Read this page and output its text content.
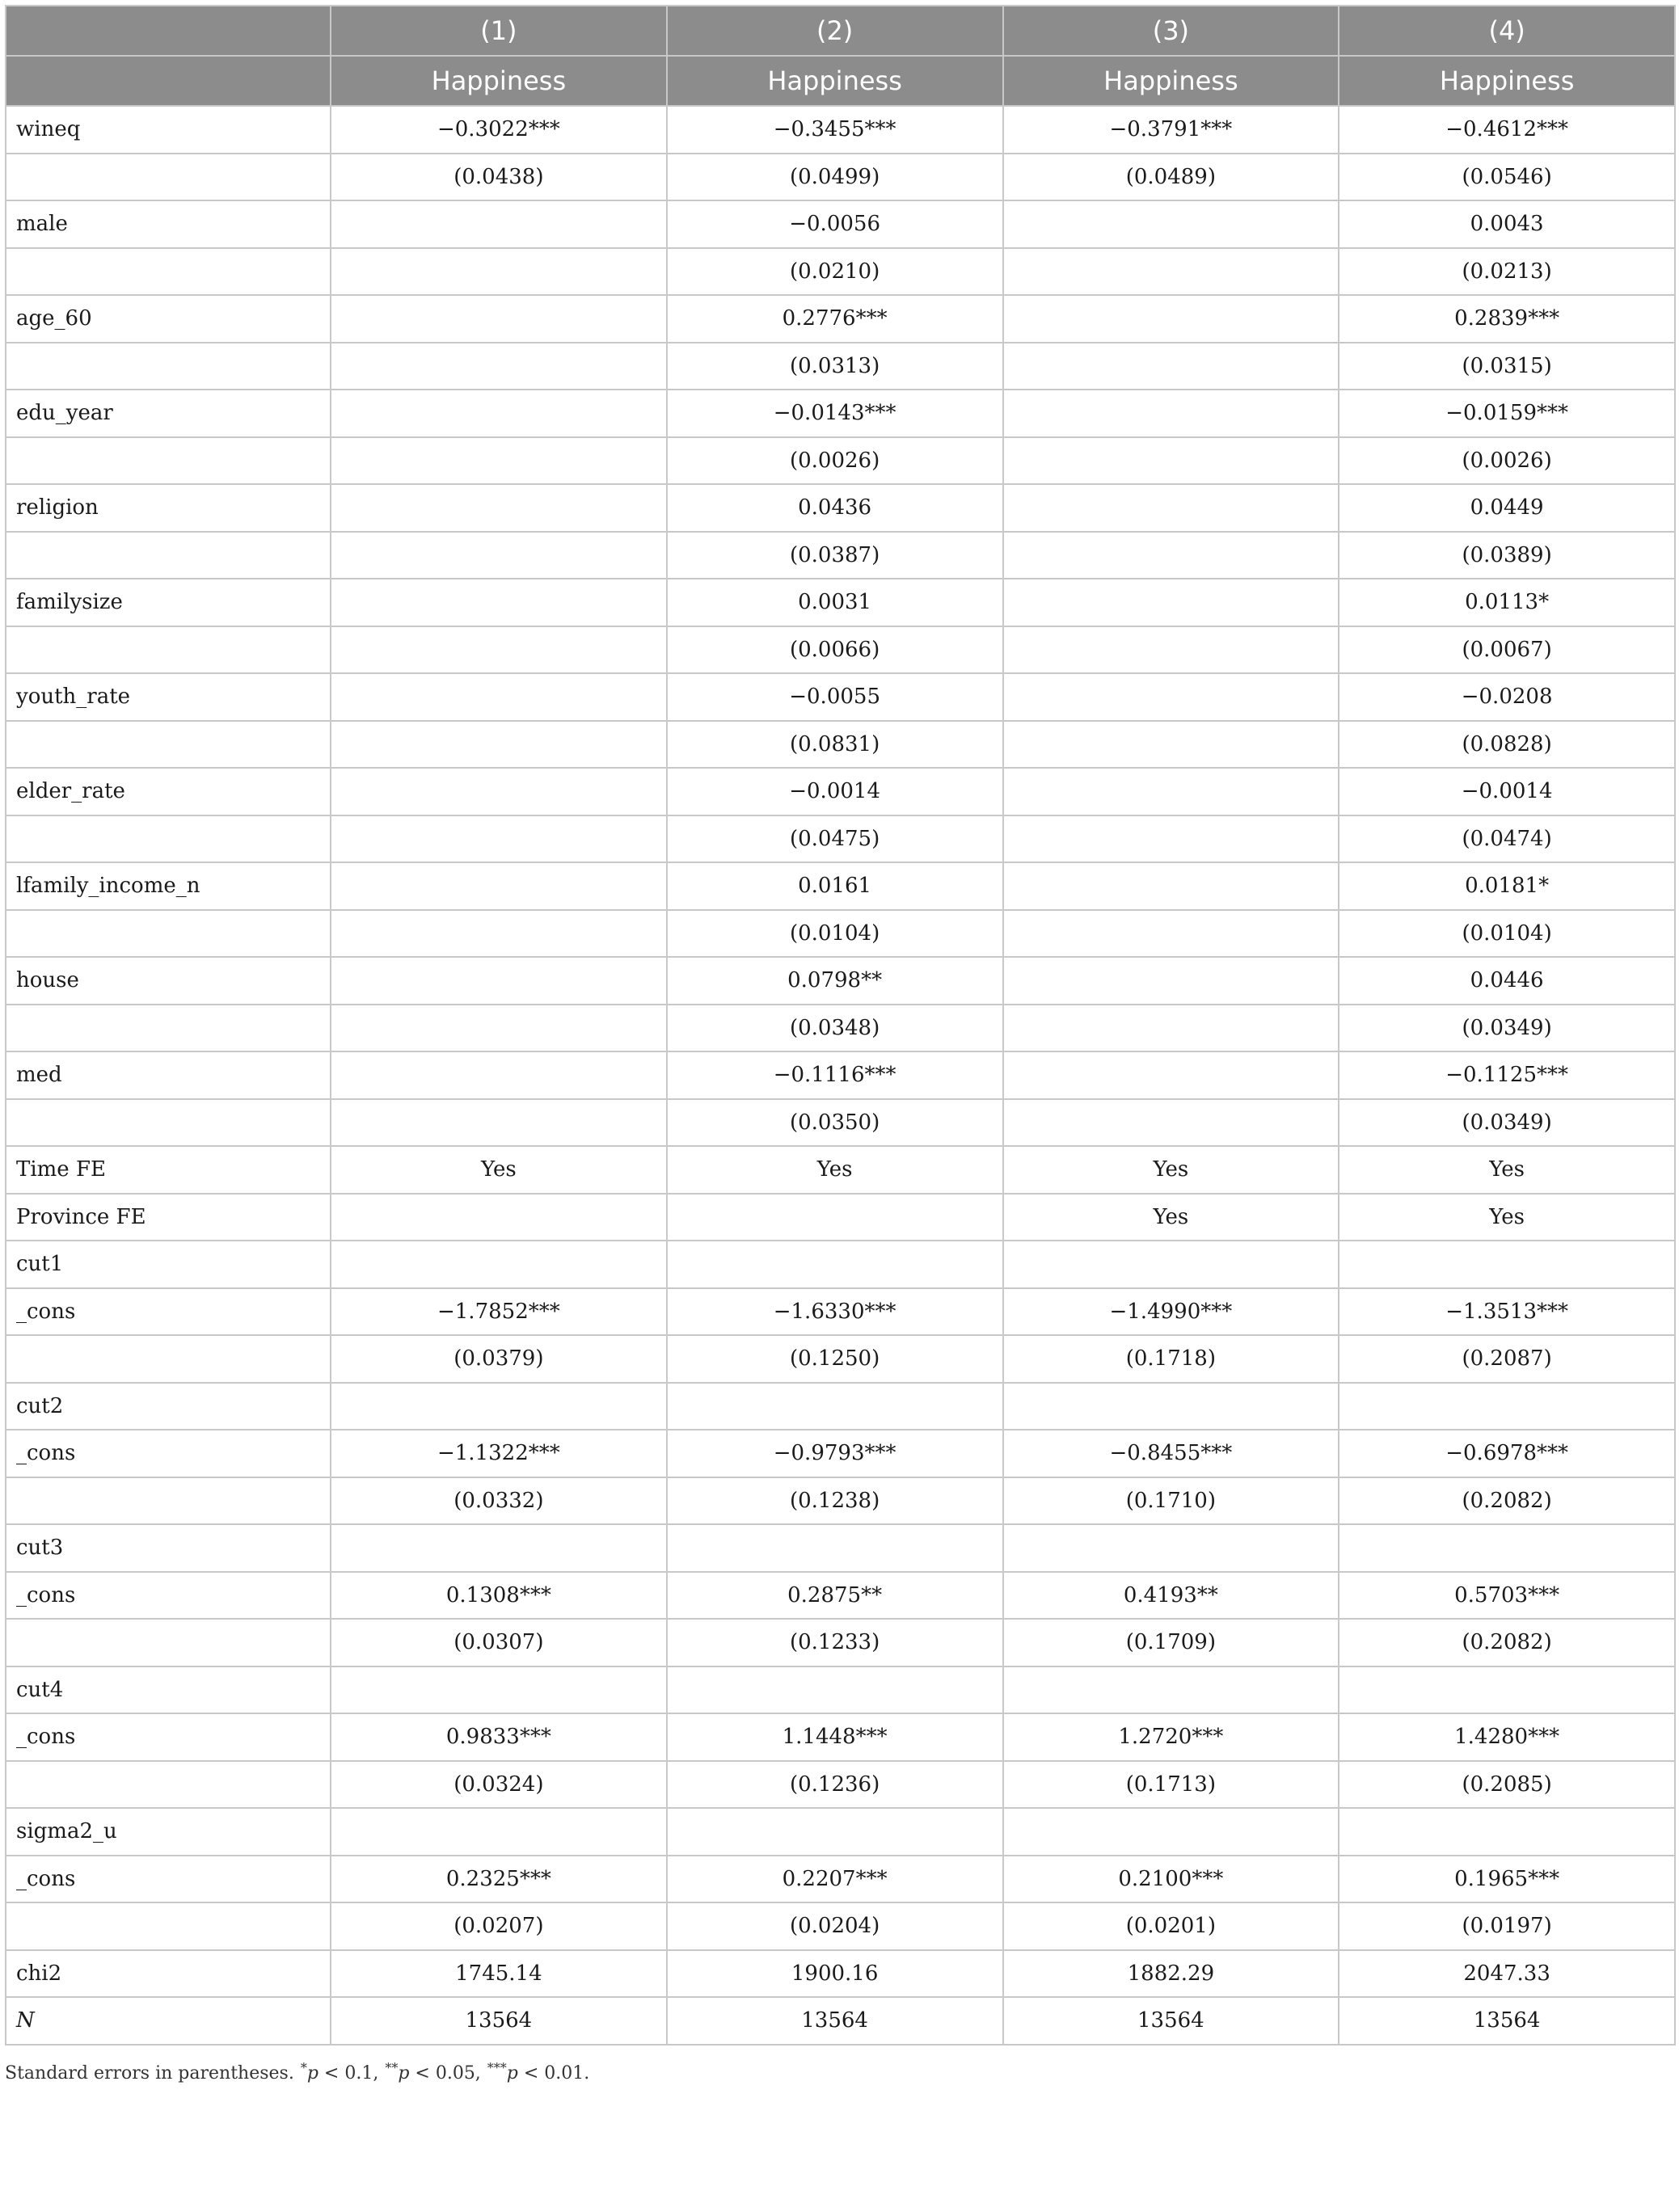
	(1)	(2)	(3)	(4)
	Happiness	Happiness	Happiness	Happiness
wineq	−0.3022***	−0.3455***	−0.3791***	−0.4612***

	(0.0438)	(0.0499)	(0.0489)	(0.0546)

male		−0.0056		0.0043

		(0.0210)		(0.0213)

age_60		0.2776***		0.2839***

		(0.0313)		(0.0315)

edu_year		−0.0143***		−0.0159***

		(0.0026)		(0.0026)

religion		0.0436		0.0449

		(0.0387)		(0.0389)

familysize		0.0031		0.0113*

		(0.0066)		(0.0067)

youth_rate		−0.0055		−0.0208

		(0.0831)		(0.0828)

elder_rate		−0.0014		−0.0014

		(0.0475)		(0.0474)

lfamily_income_n		0.0161		0.0181*

		(0.0104)		(0.0104)

house		0.0798**		0.0446

		(0.0348)		(0.0349)

med		−0.1116***		−0.1125***

		(0.0350)		(0.0349)

Time FE	Yes	Yes	Yes	Yes

Province FE			Yes	Yes

cut1	

_cons	−1.7852***	−1.6330***	−1.4990***	−1.3513***

	(0.0379)	(0.1250)	(0.1718)	(0.2087)

cut2	

_cons	−1.1322***	−0.9793***	−0.8455***	−0.6978***

	(0.0332)	(0.1238)	(0.1710)	(0.2082)

cut3	

_cons	0.1308***	0.2875**	0.4193**	0.5703***

	(0.0307)	(0.1233)	(0.1709)	(0.2082)

cut4	

_cons	0.9833***	1.1448***	1.2720***	1.4280***

	(0.0324)	(0.1236)	(0.1713)	(0.2085)

sigma2_u	

_cons	0.2325***	0.2207***	0.2100***	0.1965***

	(0.0207)	(0.0204)	(0.0201)	(0.0197)

chi2	1745.14	1900.16	1882.29	2047.33

N	13564	13564	13564	13564
Standard errors in parentheses. *p < 0.1, **p < 0.05, ***p < 0.01.
